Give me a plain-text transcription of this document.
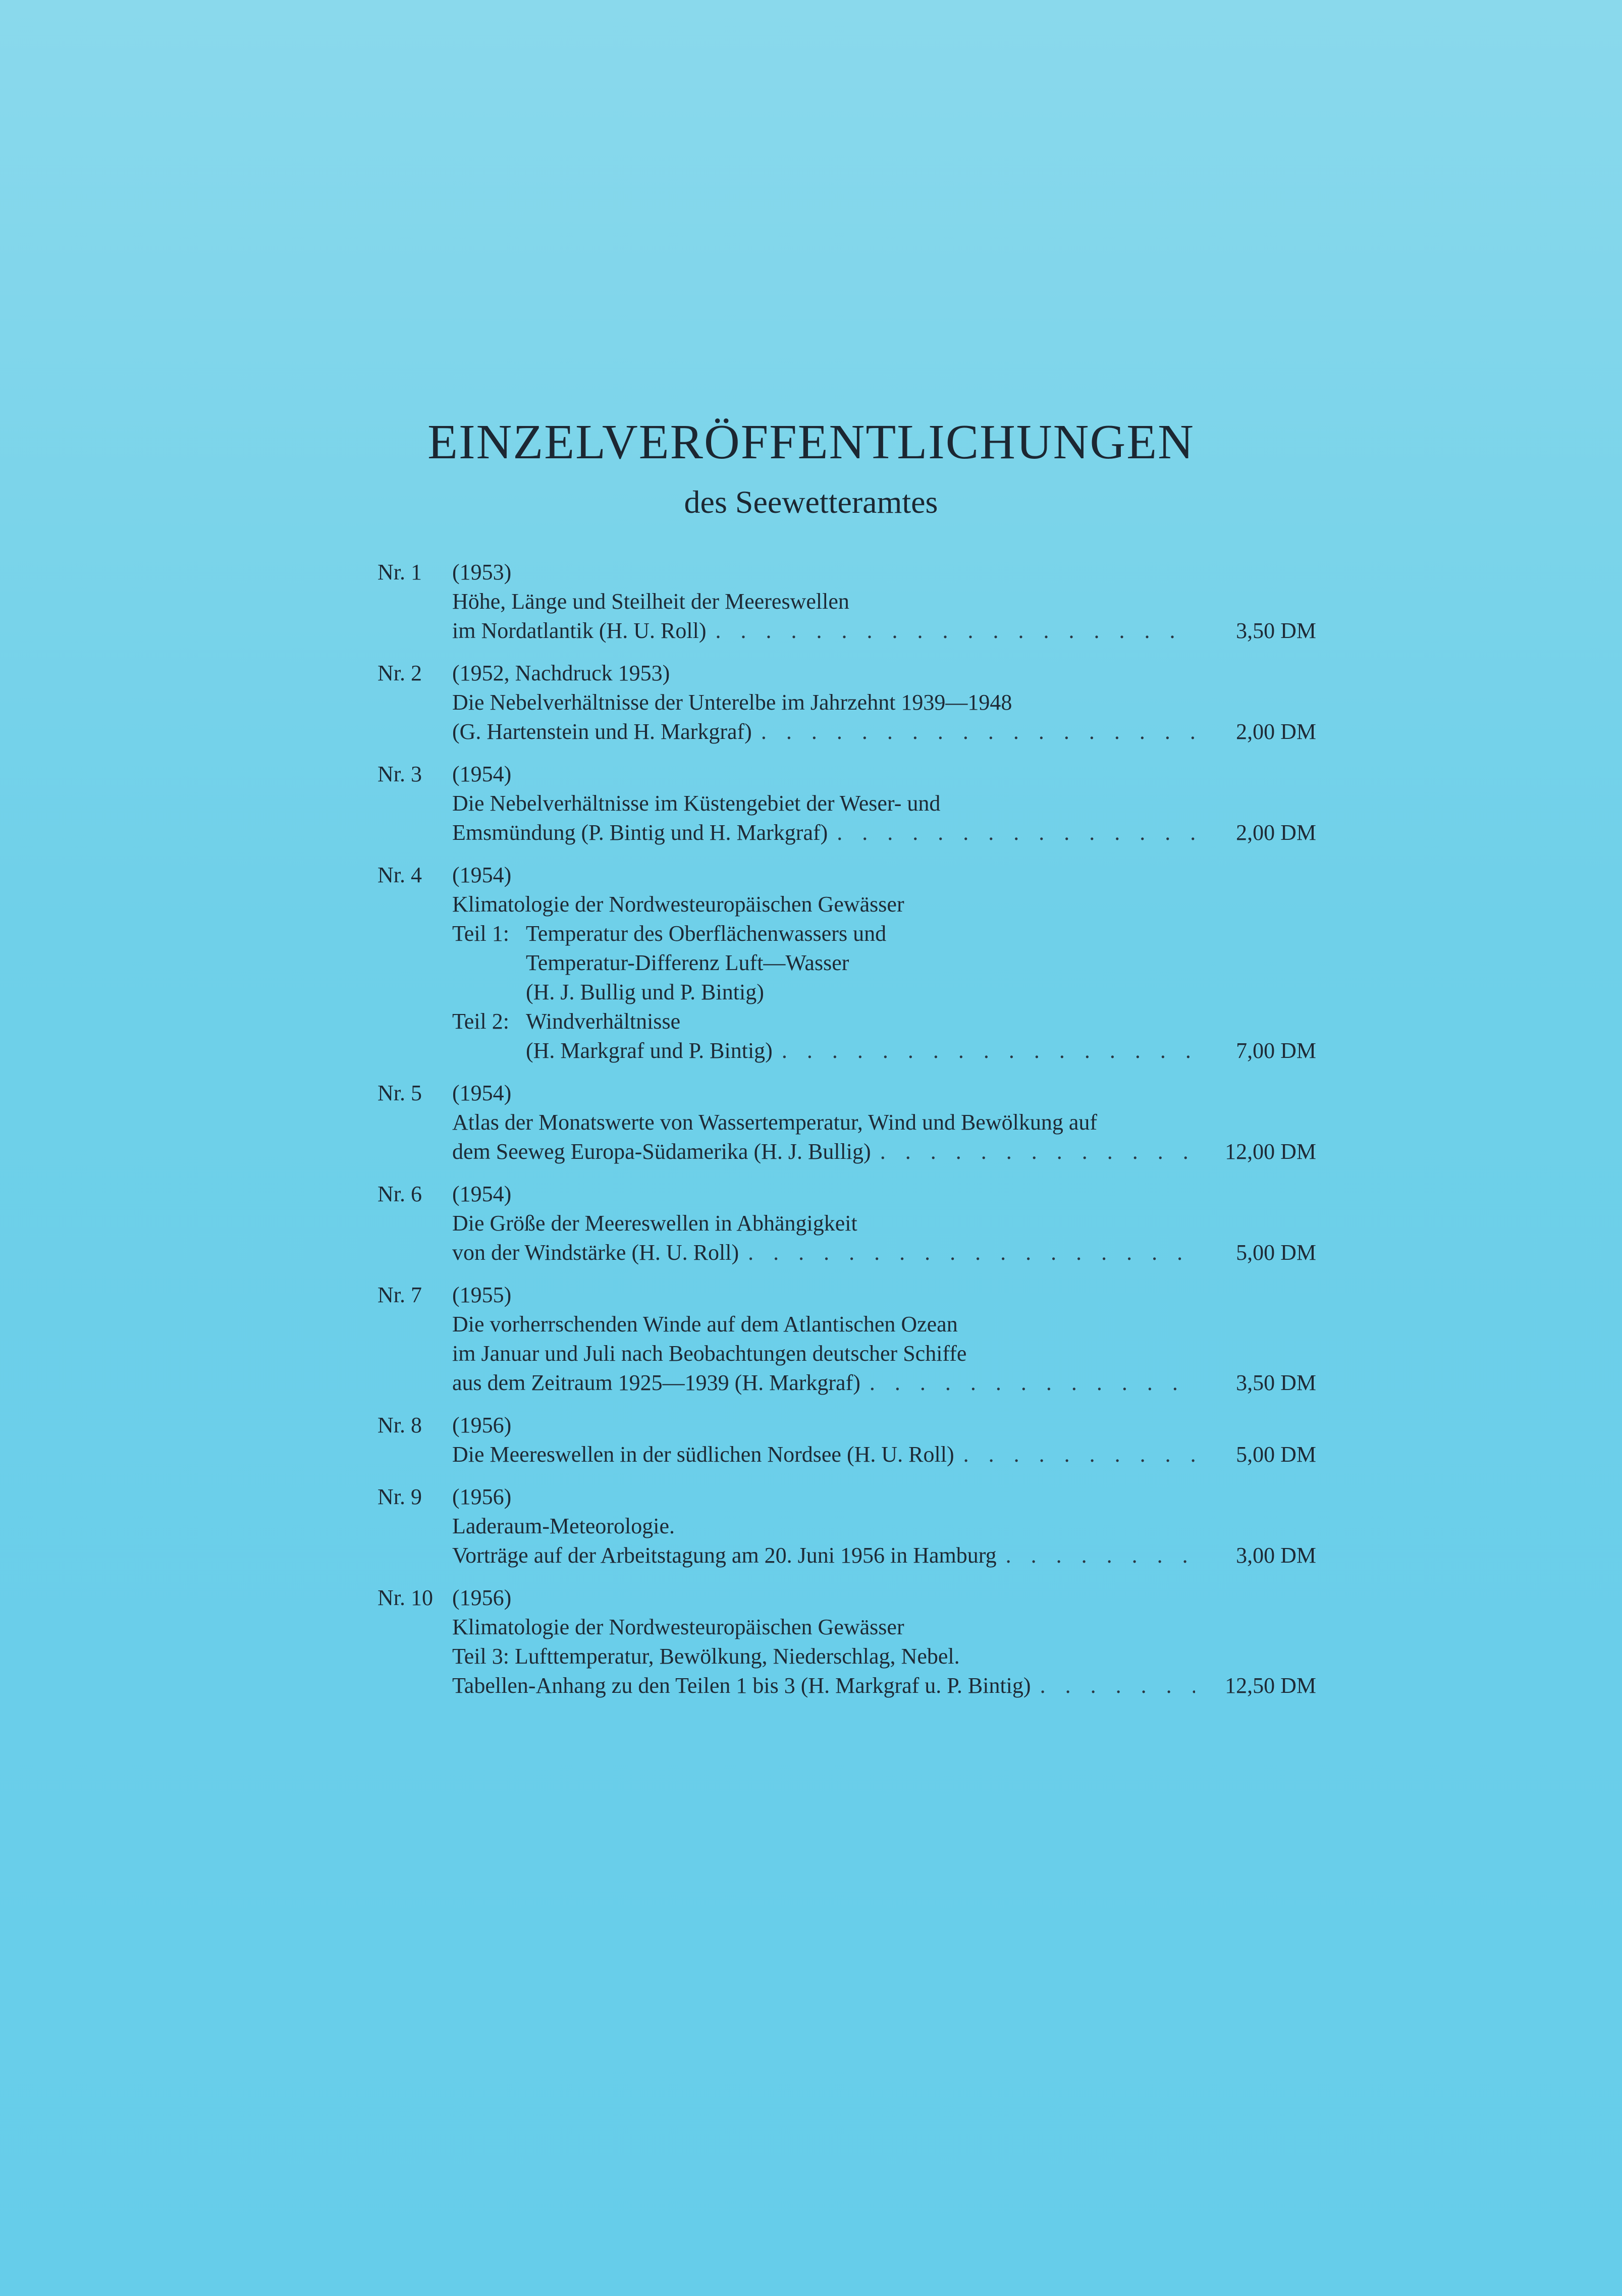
EINZELVERÖFFENTLICHUNGEN
des Seewetteramtes
Nr. 1 (1953)
Höhe, Länge und Steilheit der Meereswellen
im Nordatlantik (H. U. Roll) . . .	3,50 DM
Nr. 2 (1952, Nachdruck 1953)
Die Nebelverhältnisse der Unterelbe im Jahrzehnt 1939—1948
(G. Hartenstein und H. Markgraf) . . .	2,00 DM
Nr. 3 (1954)
Die Nebelverhältnisse im Küstengebiet der Weser- und
Emsmündung (P. Bintig und H. Markgraf) . . .	2,00 DM
Nr. 4 (1954)
Klimatologie der Nordwesteuropäischen Gewässer
Teil 1: Temperatur des Oberflächenwassers und
Temperatur-Differenz Luft—Wasser
(H. J. Bullig und P. Bintig)
Teil 2: Windverhältnisse
(H. Markgraf und P. Bintig) . . .	7,00 DM
Nr. 5 (1954)
Atlas der Monatswerte von Wassertemperatur, Wind und Bewölkung auf
dem Seeweg Europa-Südamerika (H. J. Bullig) . . .	12,00 DM
Nr. 6 (1954)
Die Größe der Meereswellen in Abhängigkeit
von der Windstärke (H. U. Roll) . . .	5,00 DM
Nr. 7 (1955)
Die vorherrschenden Winde auf dem Atlantischen Ozean
im Januar und Juli nach Beobachtungen deutscher Schiffe
aus dem Zeitraum 1925—1939 (H. Markgraf) . . .	3,50 DM
Nr. 8 (1956)
Die Meereswellen in der südlichen Nordsee (H. U. Roll) . . .	5,00 DM
Nr. 9 (1956)
Laderaum-Meteorologie.
Vorträge auf der Arbeitstagung am 20. Juni 1956 in Hamburg . . .	3,00 DM
Nr. 10 (1956)
Klimatologie der Nordwesteuropäischen Gewässer
Teil 3: Lufttemperatur, Bewölkung, Niederschlag, Nebel.
Tabellen-Anhang zu den Teilen 1 bis 3 (H. Markgraf u. P. Bintig) . . .	12,50 DM
